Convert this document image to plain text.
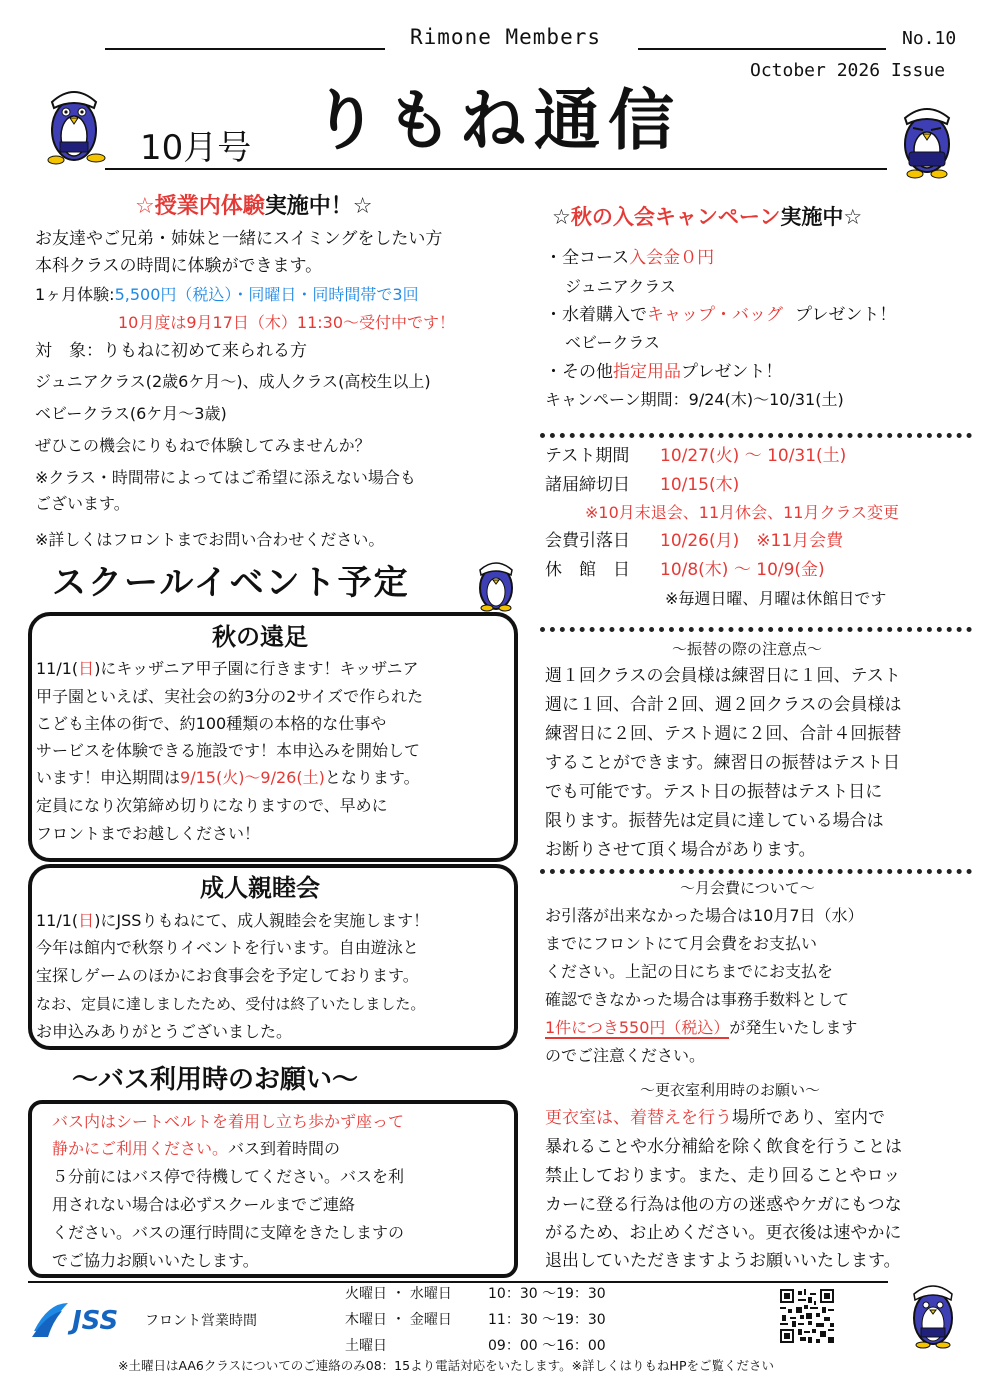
Rimone Members	No.10
October 2026 Issue
10月号 りもね通信
☆授業内体験実施中！☆
お友達やご兄弟・姉妹と一緒にスイミングをしたい方
本科クラスの時間に体験ができます。
1ヶ月体験:5,500円（税込）・同曜日・同時間帯で3回
10月度は9月17日（木）11:30～受付中です！
対　象：りもねに初めて来られる方
ジュニアクラス(2歳6ケ月～)、成人クラス(高校生以上)
ベビークラス(6ケ月～3歳)
ぜひこの機会にりもねで体験してみませんか？
※クラス・時間帯によってはご希望に添えない場合も
ございます。
※詳しくはフロントまでお問い合わせください。
スクールイベント予定
秋の遠足
11/1(日)にキッザニア甲子園に行きます！キッザニア
甲子園といえば、実社会の約3分の2サイズで作られた
こども主体の街で、約100種類の本格的な仕事や
サービスを体験できる施設です！本申込みを開始して
います！申込期間は9/15(火)～9/26(土)となります。
定員になり次第締め切りになりますので、早めに
フロントまでお越しください！
成人親睦会
11/1(日)にJSSりもねにて、成人親睦会を実施します！
今年は館内で秋祭りイベントを行います。自由遊泳と
宝探しゲームのほかにお食事会を予定しております。
なお、定員に達しましたため、受付は終了いたしました。
お申込みありがとうございました。
～バス利用時のお願い～
バス内はシートベルトを着用し立ち歩かず座って
静かにご利用ください。バス到着時間の
５分前にはバス停で待機してください。バスを利
用されない場合は必ずスクールまでご連絡
ください。バスの運行時間に支障をきたしますの
でご協力お願いいたします。
☆秋の入会キャンペーン実施中☆
・全コース入会金０円
ジュニアクラス
・水着購入でキャップ・バッグ プレゼント！
ベビークラス
・その他指定用品プレゼント！
キャンペーン期間：9/24(木)～10/31(土)
テスト期間 10/27(火) ～ 10/31(土)
諸届締切日 10/15(木)
※10月末退会、11月休会、11月クラス変更
会費引落日 10/26(月)　※11月会費
休　館　日 10/8(木) ～ 10/9(金)
※毎週日曜、月曜は休館日です
～振替の際の注意点～
週１回クラスの会員様は練習日に１回、テスト
週に１回、合計２回、週２回クラスの会員様は
練習日に２回、テスト週に２回、合計４回振替
することができます。練習日の振替はテスト日
でも可能です。テスト日の振替はテスト日に
限ります。振替先は定員に達している場合は
お断りさせて頂く場合があります。
～月会費について～
お引落が出来なかった場合は10月7日（水）
までにフロントにて月会費をお支払い
ください。上記の日にちまでにお支払を
確認できなかった場合は事務手数料として
1件につき550円（税込）が発生いたします
のでご注意ください。
～更衣室利用時のお願い～
更衣室は、着替えを行う場所であり、室内で
暴れることや水分補給を除く飲食を行うことは
禁止しております。また、走り回ることやロッ
カーに登る行為は他の方の迷惑やケガにもつな
がるため、お止めください。更衣後は速やかに
退出していただきますようお願いいたします。
JSS フロント営業時間
火曜日 ・ 水曜日	10：30 ～19：30
木曜日 ・ 金曜日	11：30 ～19：30
土曜日	09：00 ～16：00
※土曜日はAA6クラスについてのご連絡のみ08：15より電話対応をいたします。※詳しくはりもねHPをご覧ください
